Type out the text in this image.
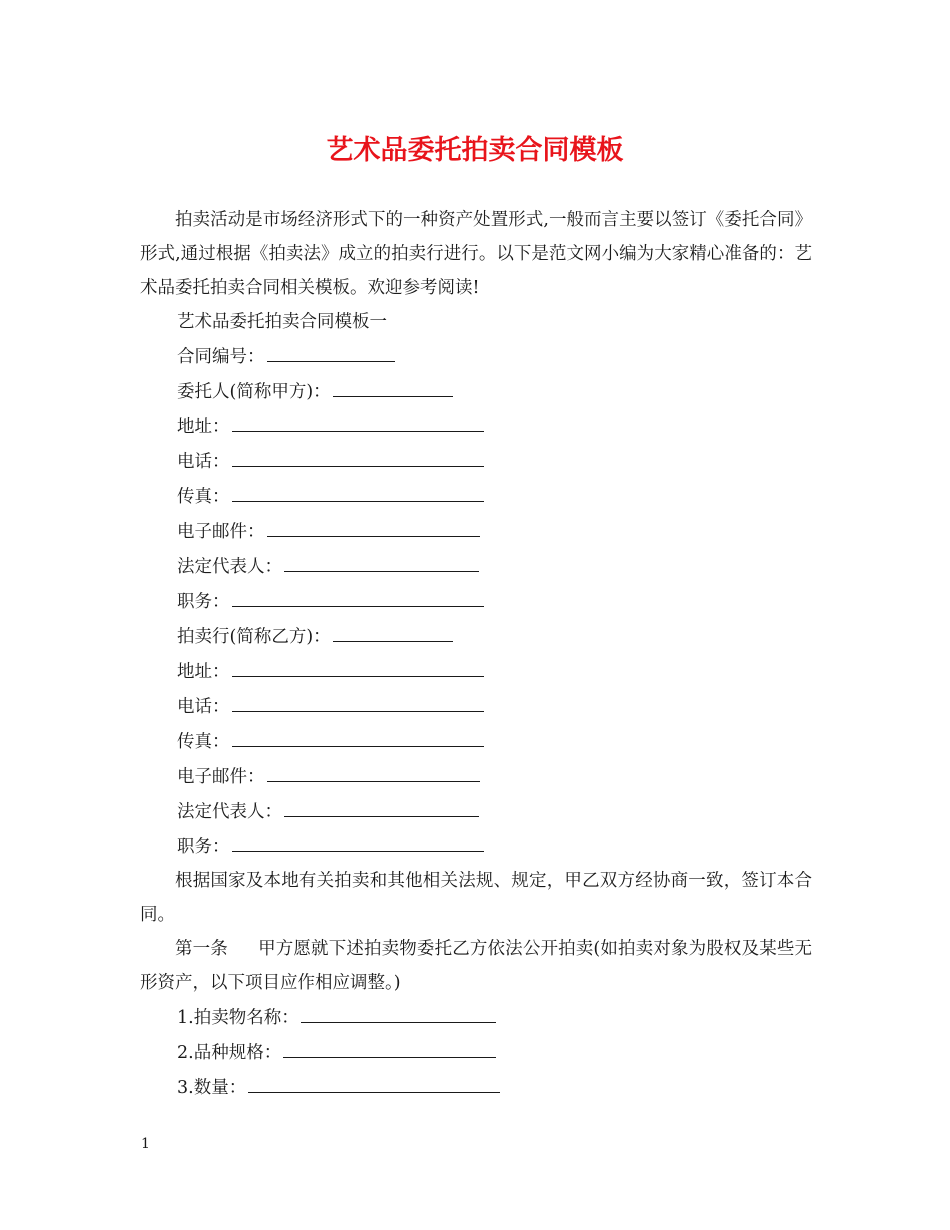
艺术品委托拍卖合同模板

拍卖活动是市场经济形式下的一种资产处置形式,一般而言主要以签订《委托合同》形式,通过根据《拍卖法》成立的拍卖行进行。以下是范文网小编为大家精心准备的：艺术品委托拍卖合同相关模板。欢迎参考阅读!

艺术品委托拍卖合同模板一

合同编号：

委托人(简称甲方)：

地址：

电话：

传真：

电子邮件：

法定代表人：

职务：

拍卖行(简称乙方)：

地址：

电话：

传真：

电子邮件：

法定代表人：

职务：

根据国家及本地有关拍卖和其他相关法规、规定，甲乙双方经协商一致，签订本合同。

第一条 甲方愿就下述拍卖物委托乙方依法公开拍卖(如拍卖对象为股权及某些无形资产，以下项目应作相应调整。)

1.拍卖物名称：

2.品种规格：

3.数量：

1
